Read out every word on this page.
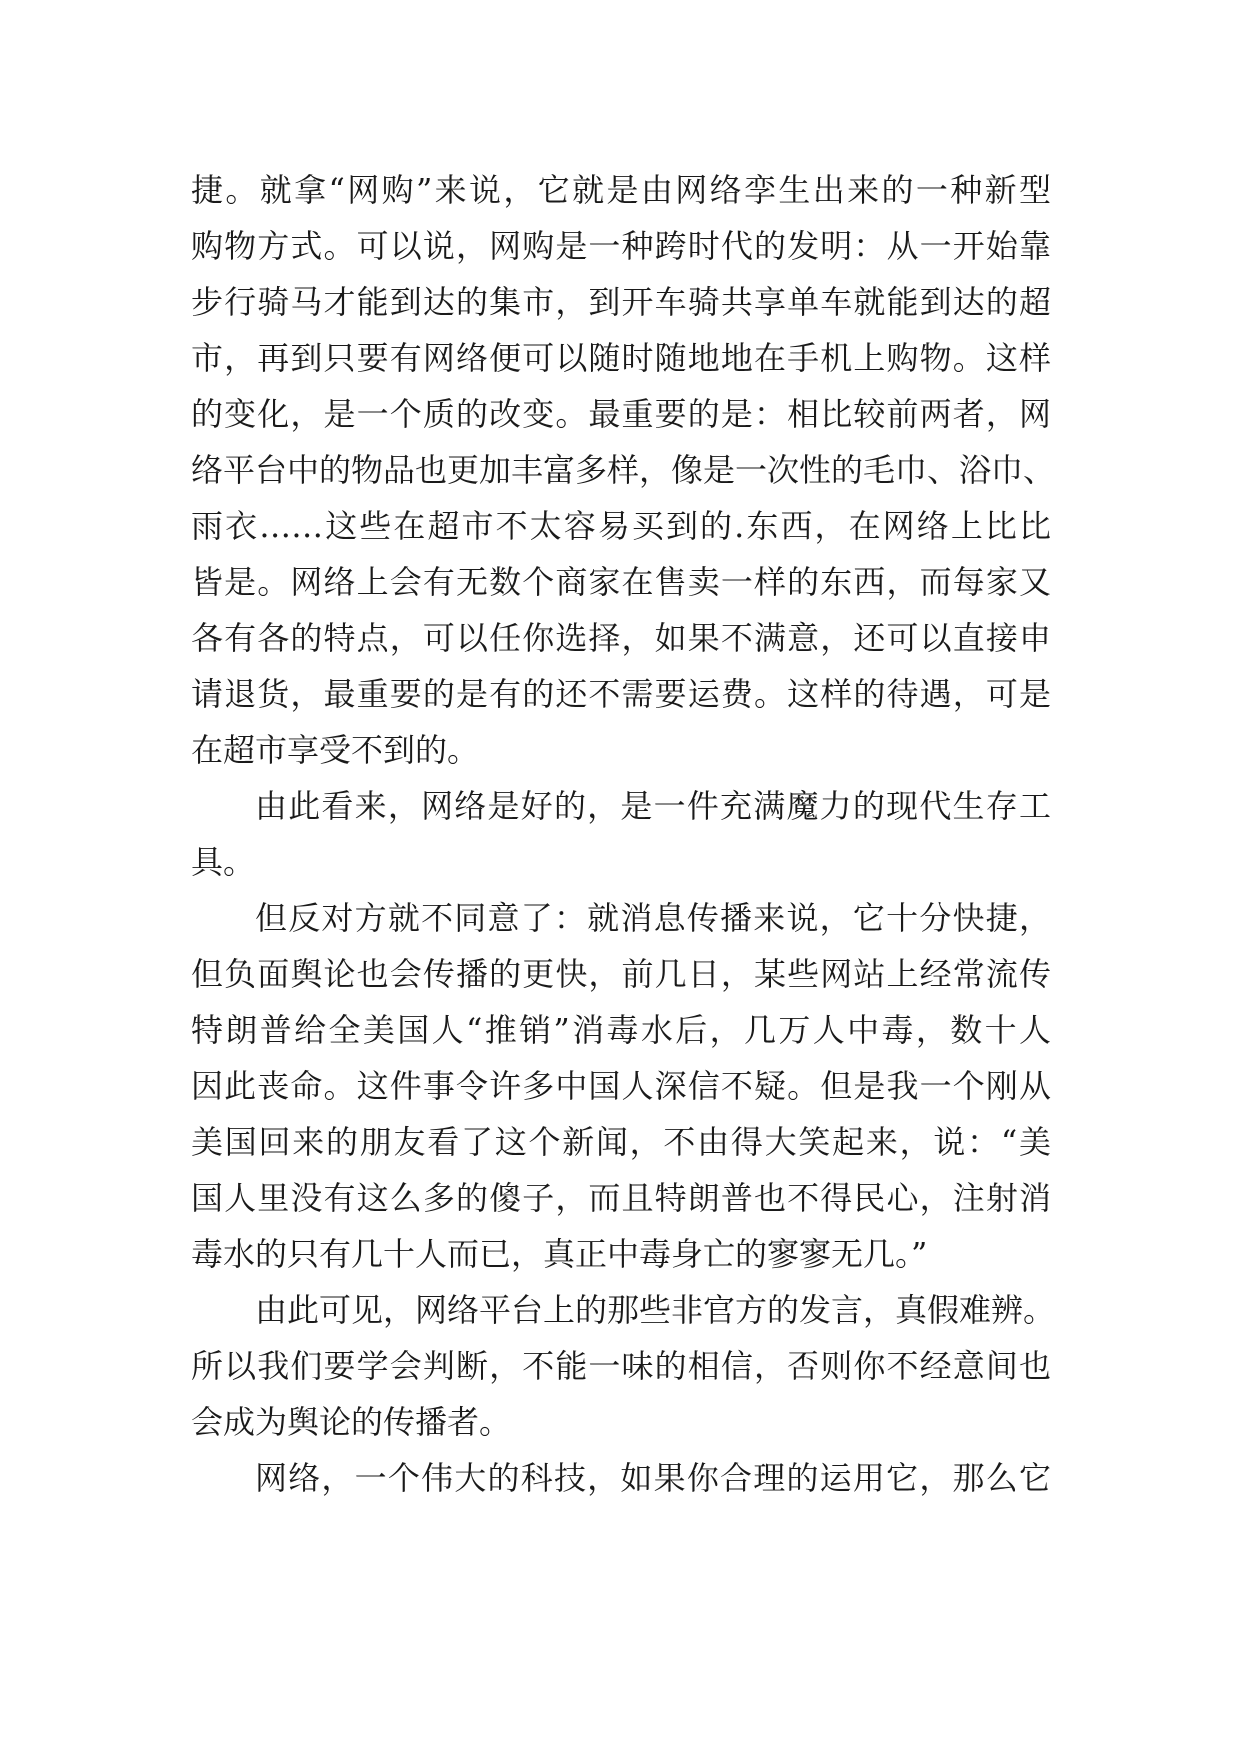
捷。就拿“网购”来说，它就是由网络孪生出来的一种新型
购物方式。可以说，网购是一种跨时代的发明：从一开始靠
步行骑马才能到达的集市，到开车骑共享单车就能到达的超
市，再到只要有网络便可以随时随地地在手机上购物。这样
的变化，是一个质的改变。最重要的是：相比较前两者，网
络平台中的物品也更加丰富多样，像是一次性的毛巾、浴巾、
雨衣……这些在超市不太容易买到的.东西，在网络上比比
皆是。网络上会有无数个商家在售卖一样的东西，而每家又
各有各的特点，可以任你选择，如果不满意，还可以直接申
请退货，最重要的是有的还不需要运费。这样的待遇，可是
在超市享受不到的。
由此看来，网络是好的，是一件充满魔力的现代生存工
具。
但反对方就不同意了：就消息传播来说，它十分快捷，
但负面舆论也会传播的更快，前几日，某些网站上经常流传
特朗普给全美国人“推销”消毒水后，几万人中毒，数十人
因此丧命。这件事令许多中国人深信不疑。但是我一个刚从
美国回来的朋友看了这个新闻，不由得大笑起来，说：“美
国人里没有这么多的傻子，而且特朗普也不得民心，注射消
毒水的只有几十人而已，真正中毒身亡的寥寥无几。”
由此可见，网络平台上的那些非官方的发言，真假难辨。
所以我们要学会判断，不能一味的相信，否则你不经意间也
会成为舆论的传播者。
网络，一个伟大的科技，如果你合理的运用它，那么它
